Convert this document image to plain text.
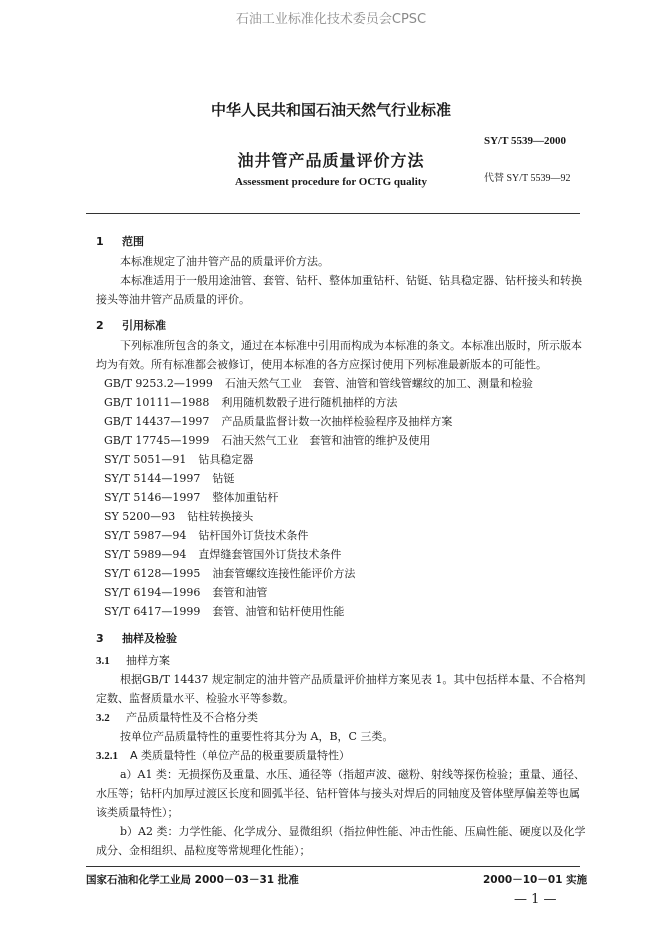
石油工业标准化技术委员会CPSC
中华人民共和国石油天然气行业标准
SY/T 5539—2000
油井管产品质量评价方法
代替 SY/T 5539—92
Assessment procedure for OCTG quality
1 范围
本标准规定了油井管产品的质量评价方法。
本标准适用于一般用途油管、套管、钻杆、整体加重钻杆、钻铤、钻具稳定器、钻杆接头和转换
接头等油井管产品质量的评价。
2 引用标准
下列标准所包含的条文，通过在本标准中引用而构成为本标准的条文。本标准出版时，所示版本
均为有效。所有标准都会被修订，使用本标准的各方应探讨使用下列标准最新版本的可能性。
GB/T 9253.2—1999 石油天然气工业　套管、油管和管线管螺纹的加工、测量和检验
GB/T 10111—1988 利用随机数骰子进行随机抽样的方法
GB/T 14437—1997 产品质量监督计数一次抽样检验程序及抽样方案
GB/T 17745—1999 石油天然气工业　套管和油管的维护及使用
SY/T 5051—91 钻具稳定器
SY/T 5144—1997 钻铤
SY/T 5146—1997 整体加重钻杆
SY 5200—93 钻柱转换接头
SY/T 5987—94 钻杆国外订货技术条件
SY/T 5989—94 直焊缝套管国外订货技术条件
SY/T 6128—1995 油套管螺纹连接性能评价方法
SY/T 6194—1996 套管和油管
SY/T 6417—1999 套管、油管和钻杆使用性能
3 抽样及检验
3.1 抽样方案
根据GB/T 14437 规定制定的油井管产品质量评价抽样方案见表 1。其中包括样本量、不合格判
定数、监督质量水平、检验水平等参数。
3.2 产品质量特性及不合格分类
按单位产品质量特性的重要性将其分为 A，B，C 三类。
3.2.1 A 类质量特性（单位产品的极重要质量特性）
a）A1 类：无损探伤及重量、水压、通径等（指超声波、磁粉、射线等探伤检验；重量、通径、
水压等；钻杆内加厚过渡区长度和圆弧半径、钻杆管体与接头对焊后的同轴度及管体壁厚偏差等也属
该类质量特性）；
b）A2 类：力学性能、化学成分、显微组织（指拉伸性能、冲击性能、压扁性能、硬度以及化学
成分、金相组织、晶粒度等常规理化性能）；
国家石油和化学工业局 2000－03－31 批准	2000－10－01 实施
— 1 —
